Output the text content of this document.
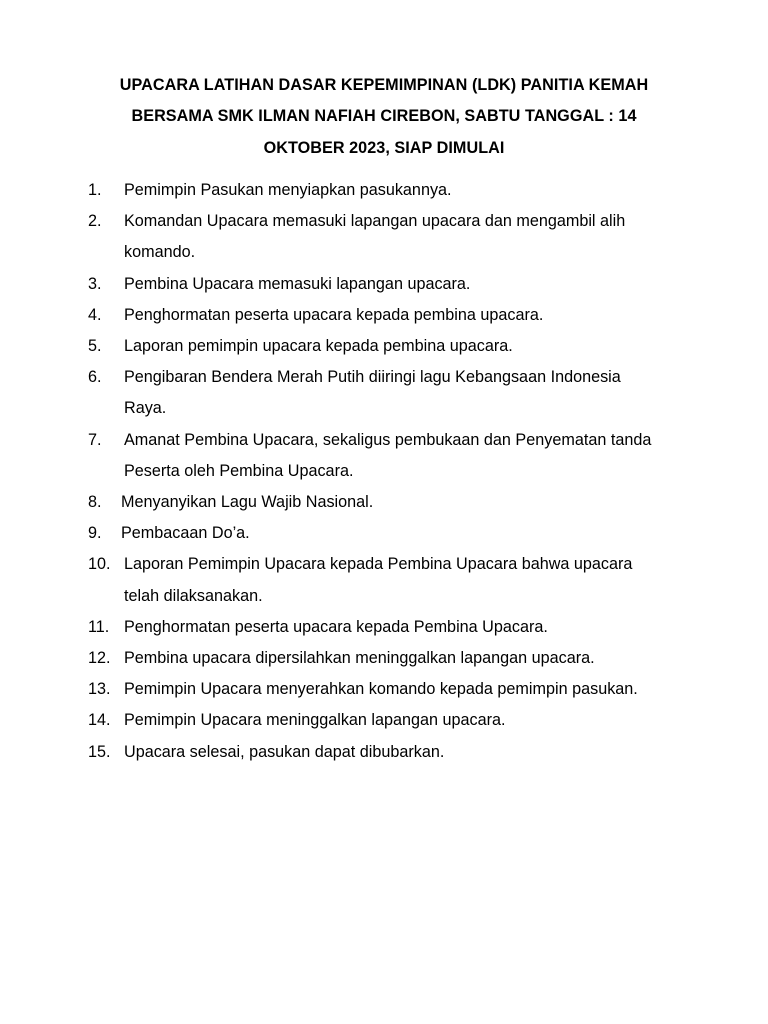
UPACARA LATIHAN DASAR KEPEMIMPINAN (LDK) PANITIA KEMAH
BERSAMA SMK ILMAN NAFIAH CIREBON, SABTU TANGGAL : 14
OKTOBER 2023, SIAP DIMULAI
1. Pemimpin Pasukan menyiapkan pasukannya.
2. Komandan Upacara memasuki lapangan upacara dan mengambil alih
komando.
3. Pembina Upacara memasuki lapangan upacara.
4. Penghormatan peserta upacara kepada pembina upacara.
5. Laporan pemimpin upacara kepada pembina upacara.
6. Pengibaran Bendera Merah Putih diiringi lagu Kebangsaan Indonesia
Raya.
7. Amanat Pembina Upacara, sekaligus pembukaan dan Penyematan tanda
Peserta oleh Pembina Upacara.
8. Menyanyikan Lagu Wajib Nasional.
9. Pembacaan Do’a.
10. Laporan Pemimpin Upacara kepada Pembina Upacara bahwa upacara
telah dilaksanakan.
11. Penghormatan peserta upacara kepada Pembina Upacara.
12. Pembina upacara dipersilahkan meninggalkan lapangan upacara.
13. Pemimpin Upacara menyerahkan komando kepada pemimpin pasukan.
14. Pemimpin Upacara meninggalkan lapangan upacara.
15. Upacara selesai, pasukan dapat dibubarkan.
